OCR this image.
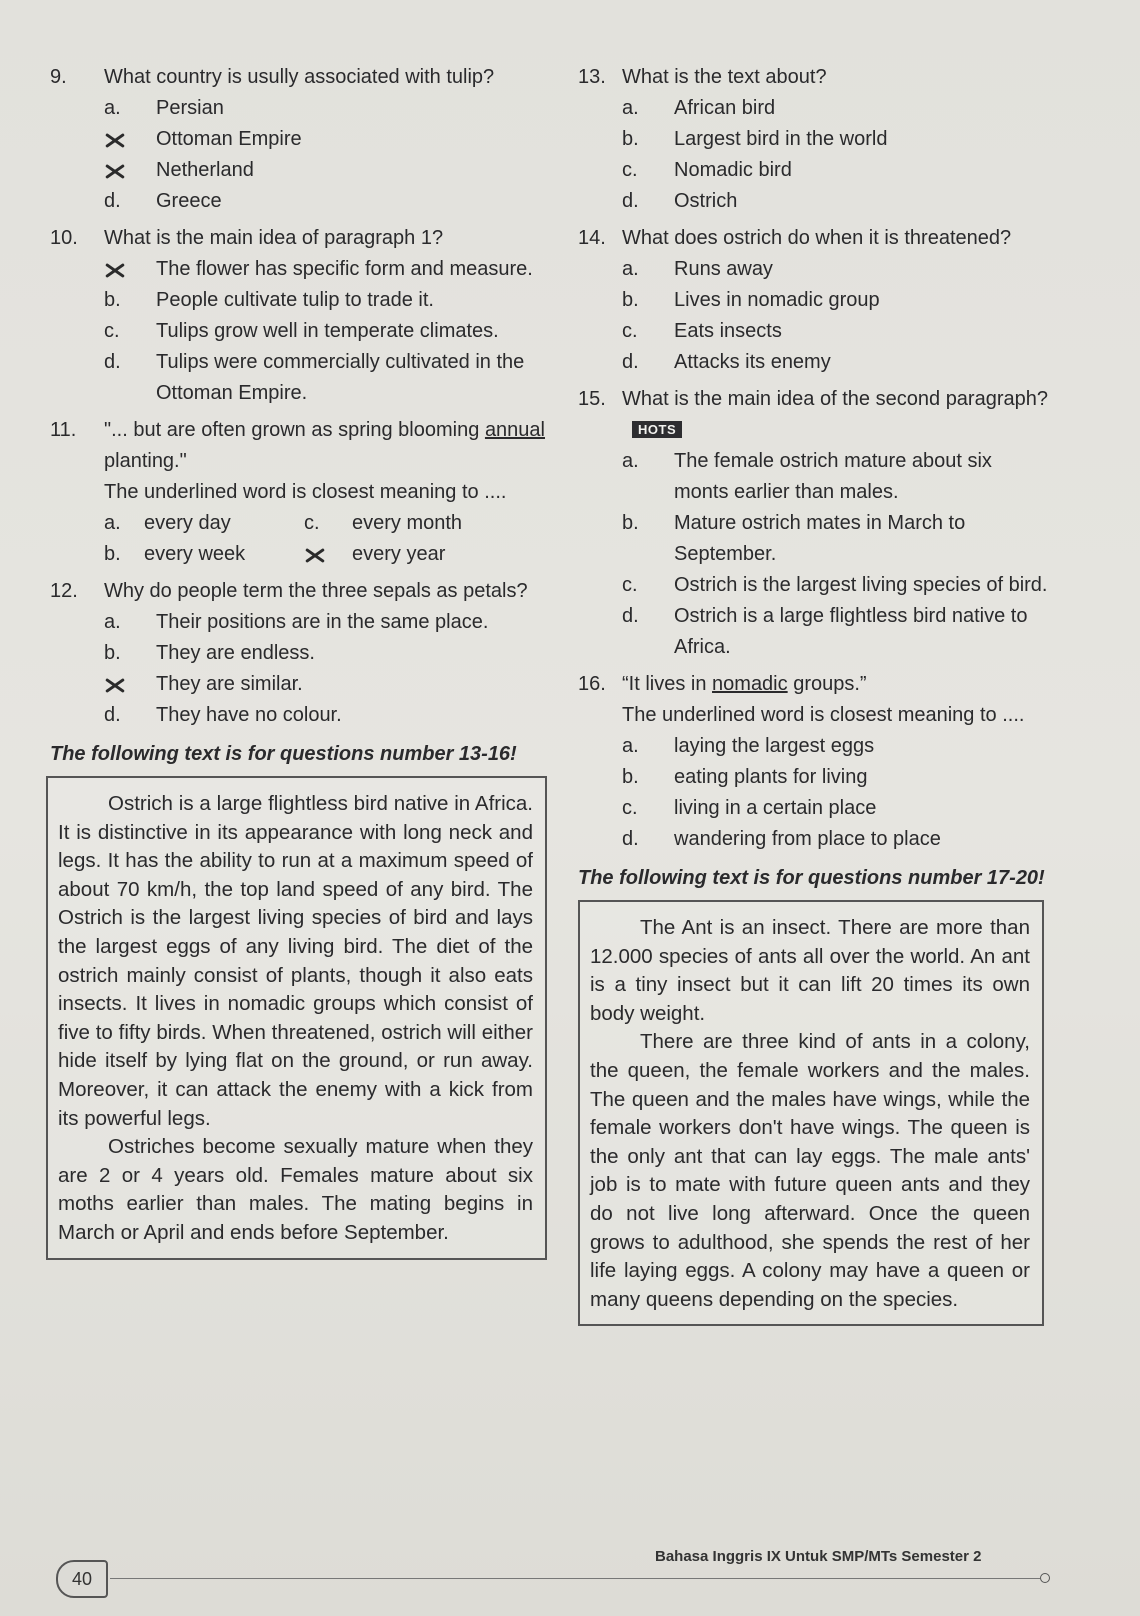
9.	What country is usully associated with tulip?
a.	Persian
Ottoman Empire
Netherland
d.	Greece
10.	What is the main idea of paragraph 1?
The flower has specific form and measure.
b.	People cultivate tulip to trade it.
c.	Tulips grow well in temperate climates.
d.	Tulips were commercially cultivated in the Ottoman Empire.
11.	"... but are often grown as spring blooming annual planting."
The underlined word is closest meaning to ....
a.	every day	c.	every month
b.	every week	every year
12.	Why do people term the three sepals as petals?
a.	Their positions are in the same place.
b.	They are endless.
They are similar.
d.	They have no colour.
The following text is for questions number 13-16!

Ostrich is a large flightless bird native in Africa. It is distinctive in its appearance with long neck and legs. It has the ability to run at a maximum speed of about 70 km/h, the top land speed of any bird. The Ostrich is the largest living species of bird and lays the largest eggs of any living bird. The diet of the ostrich mainly consist of plants, though it also eats insects. It lives in nomadic groups which consist of five to fifty birds. When threatened, ostrich will either hide itself by lying flat on the ground, or run away. Moreover, it can attack the enemy with a kick from its powerful legs.

Ostriches become sexually mature when they are 2 or 4 years old. Females mature about six moths earlier than males. The mating begins in March or April and ends before September.

13. What is the text about?
a.	African bird
b.	Largest bird in the world
c.	Nomadic bird
d.	Ostrich
14. What does ostrich do when it is threatened?
a.	Runs away
b.	Lives in nomadic group
c.	Eats insects
d.	Attacks its enemy
15. What is the main idea of the second paragraph?HOTS
a.	The female ostrich mature about six monts earlier than males.
b.	Mature ostrich mates in March to September.
c.	Ostrich is the largest living species of bird.
d.	Ostrich is a large flightless bird native to Africa.
16. “It lives in nomadic groups.”
The underlined word is closest meaning to ....
a.	laying the largest eggs
b.	eating plants for living
c.	living in a certain place
d.	wandering from place to place
The following text is for questions number 17-20!

The Ant is an insect. There are more than 12.000 species of ants all over the world. An ant is a tiny insect but it can lift 20 times its own body weight.

There are three kind of ants in a colony, the queen, the female workers and the males. The queen and the males have wings, while the female workers don't have wings. The queen is the only ant that can lay eggs. The male ants' job is to mate with future queen ants and they do not live long afterward. Once the queen grows to adulthood, she spends the rest of her life laying eggs. A colony may have a queen or many queens depending on the species.

40
Bahasa Inggris IX Untuk SMP/MTs Semester 2
